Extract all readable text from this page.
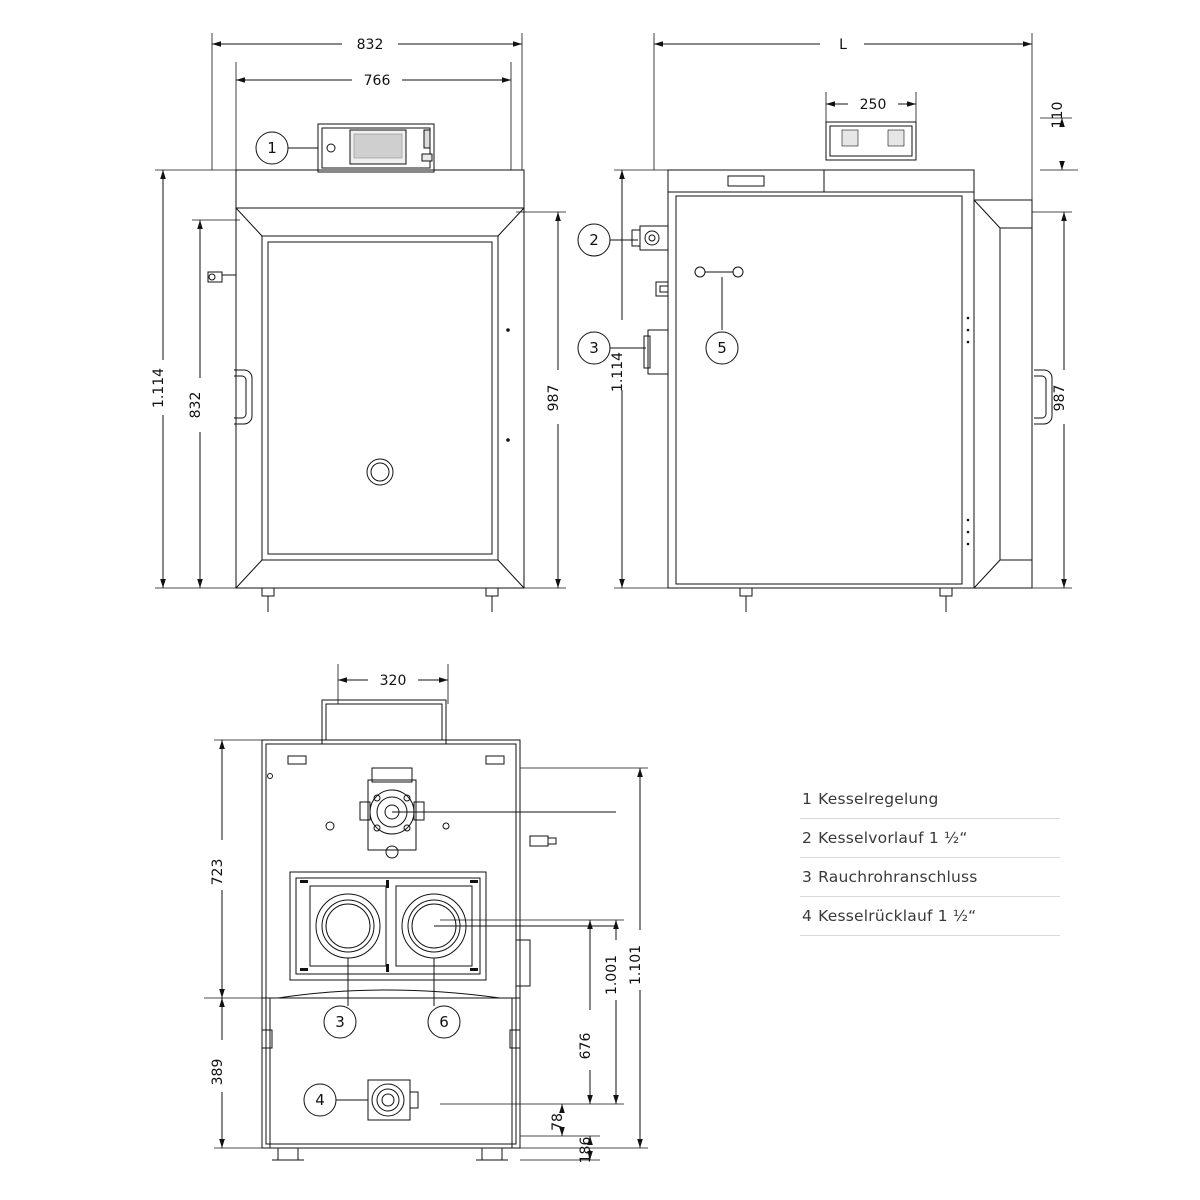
832
766
1.114 832	987
L
250	110
1.114
987
320
723
389
1.101
1.001
676
78
186
1
2
3	5
3	6
4
1 Kesselregelung
2 Kesselvorlauf 1 ½“
3 Rauchrohranschluss
4 Kesselrücklauf 1 ½“
